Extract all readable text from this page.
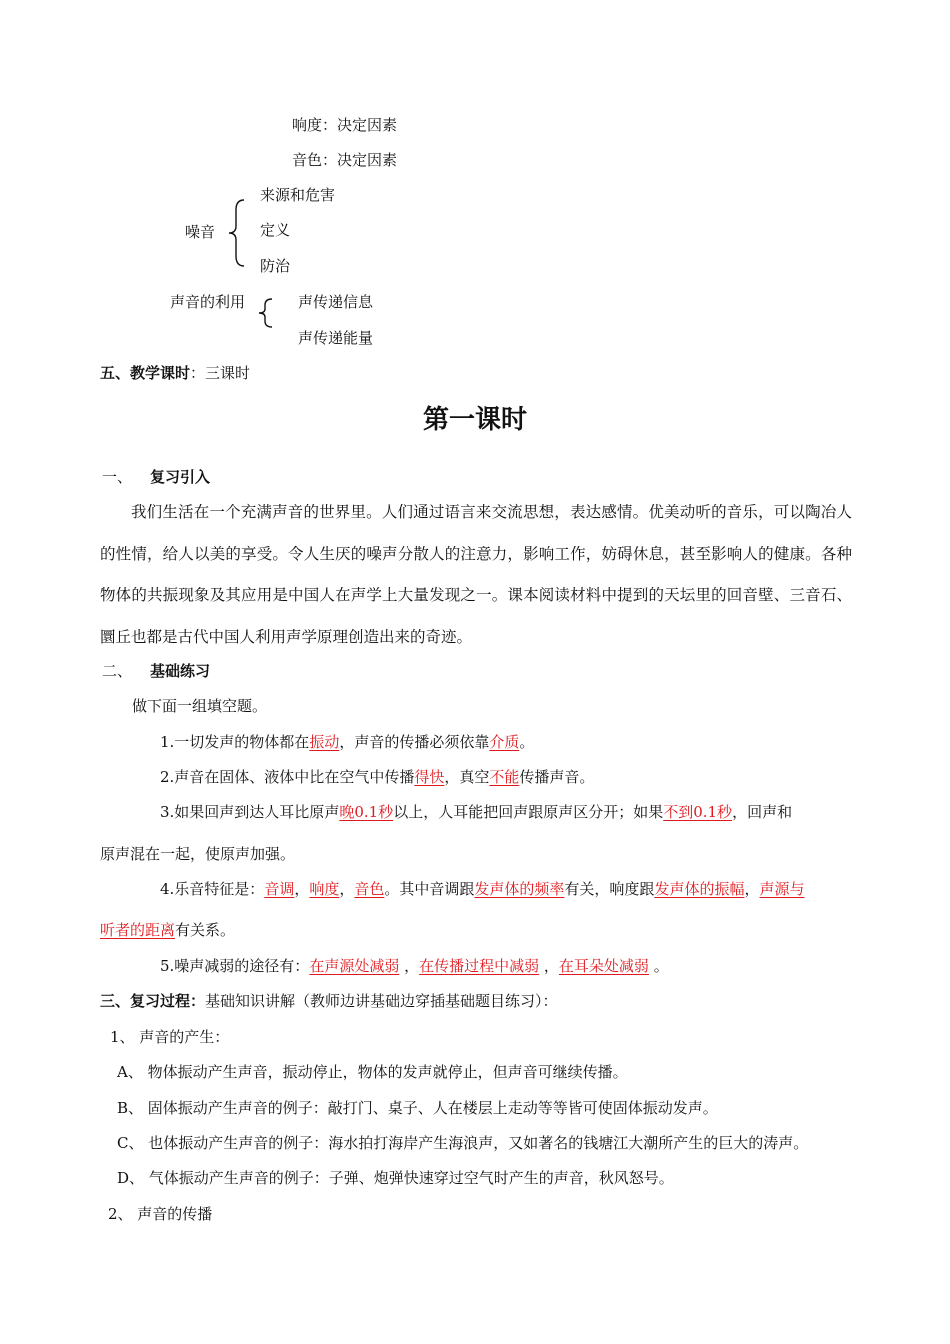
响度：决定因素
音色：决定因素
来源和危害
噪音	定义
防治
声音的利用	声传递信息
声传递能量
五、教学课时：三课时
第一课时
一、 复习引入
我们生活在一个充满声音的世界里。人们通过语言来交流思想，表达感情。优美动听的音乐，可以陶冶人的性情，给人以美的享受。令人生厌的噪声分散人的注意力，影响工作，妨碍休息，甚至影响人的健康。各种物体的共振现象及其应用是中国人在声学上大量发现之一。课本阅读材料中提到的天坛里的回音壁、三音石、圜丘也都是古代中国人利用声学原理创造出来的奇迹。
二、 基础练习
做下面一组填空题。
1.一切发声的物体都在振动，声音的传播必须依靠介质。
2.声音在固体、液体中比在空气中传播得快，真空不能传播声音。
3.如果回声到达人耳比原声晚0.1秒以上，人耳能把回声跟原声区分开；如果不到0.1秒，回声和
原声混在一起，使原声加强。
4.乐音特征是：音调，响度，音色。其中音调跟发声体的频率有关，响度跟发声体的振幅，声源与
听者的距离有关系。
5.噪声减弱的途径有：在声源处减弱 ，在传播过程中减弱 ，在耳朵处减弱 。
三、复习过程：基础知识讲解（教师边讲基础边穿插基础题目练习）：
1、 声音的产生：
A、 物体振动产生声音，振动停止，物体的发声就停止，但声音可继续传播。
B、 固体振动产生声音的例子：敲打门、桌子、人在楼层上走动等等皆可使固体振动发声。
C、 也体振动产生声音的例子：海水拍打海岸产生海浪声，又如著名的钱塘江大潮所产生的巨大的涛声。
D、 气体振动产生声音的例子：子弹、炮弹快速穿过空气时产生的声音，秋风怒号。
2、 声音的传播
